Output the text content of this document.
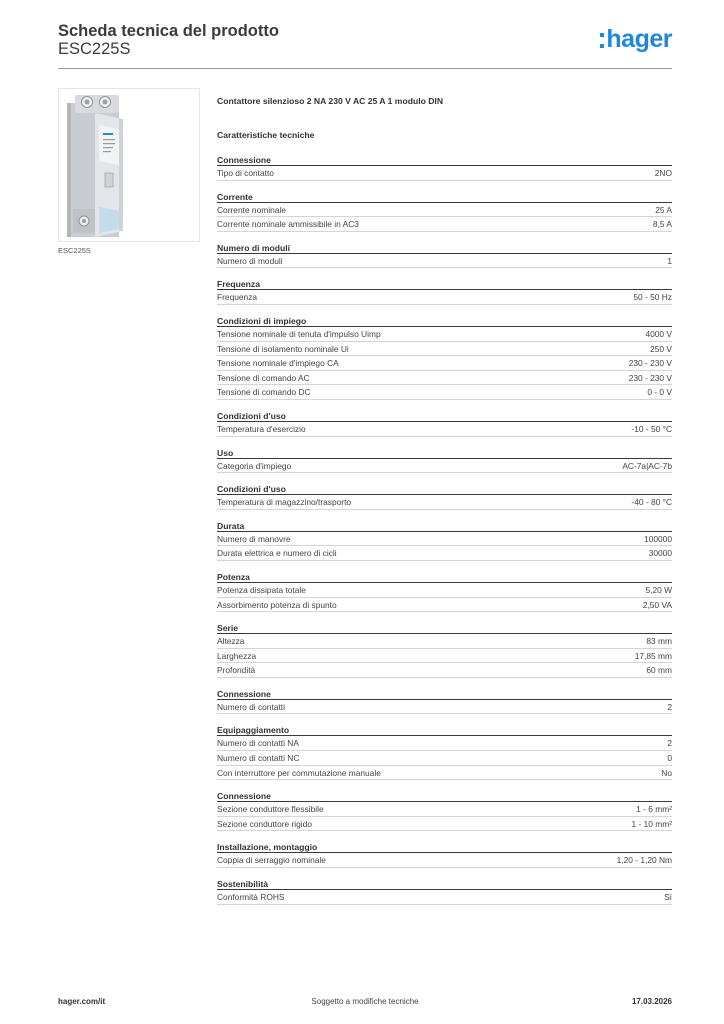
Scheda tecnica del prodotto
ESC225S	hager
ESC225S
Contattore silenzioso 2 NA 230 V AC 25 A 1 modulo DIN
Caratteristiche tecniche
Connessione
Tipo di contatto	2NO
Corrente
Corrente nominale	25 A
Corrente nominale ammissibile in AC3	8,5 A
Numero di moduli
Numero di moduli	1
Frequenza
Frequenza	50 - 50 Hz
Condizioni di impiego
Tensione nominale di tenuta d'impulso Uimp	4000 V
Tensione di isolamento nominale Ui	250 V
Tensione nominale d'impiego CA	230 - 230 V
Tensione di comando AC	230 - 230 V
Tensione di comando DC	0 - 0 V
Condizioni d'uso
Temperatura d'esercizio	-10 - 50 °C
Uso
Categoria d'impiego	AC-7a|AC-7b
Condizioni d'uso
Temperatura di magazzino/trasporto	-40 - 80 °C
Durata
Numero di manovre	100000
Durata elettrica e numero di cicli	30000
Potenza
Potenza dissipata totale	5,20 W
Assorbimento potenza di spunto	2,50 VA
Serie
Altezza	83 mm
Larghezza	17,85 mm
Profondità	60 mm
Connessione
Numero di contatti	2
Equipaggiamento
Numero di contatti NA	2
Numero di contatti NC	0
Con interruttore per commutazione manuale	No
Connessione
Sezione conduttore flessibile	1 - 6 mm²
Sezione conduttore rigido	1 - 10 mm²
Installazione, montaggio
Coppia di serraggio nominale	1,20 - 1,20 Nm
Sostenibilità
Conformità ROHS	Sì
Soggetto a modifiche tecniche
hager.com/it	17.03.2026
